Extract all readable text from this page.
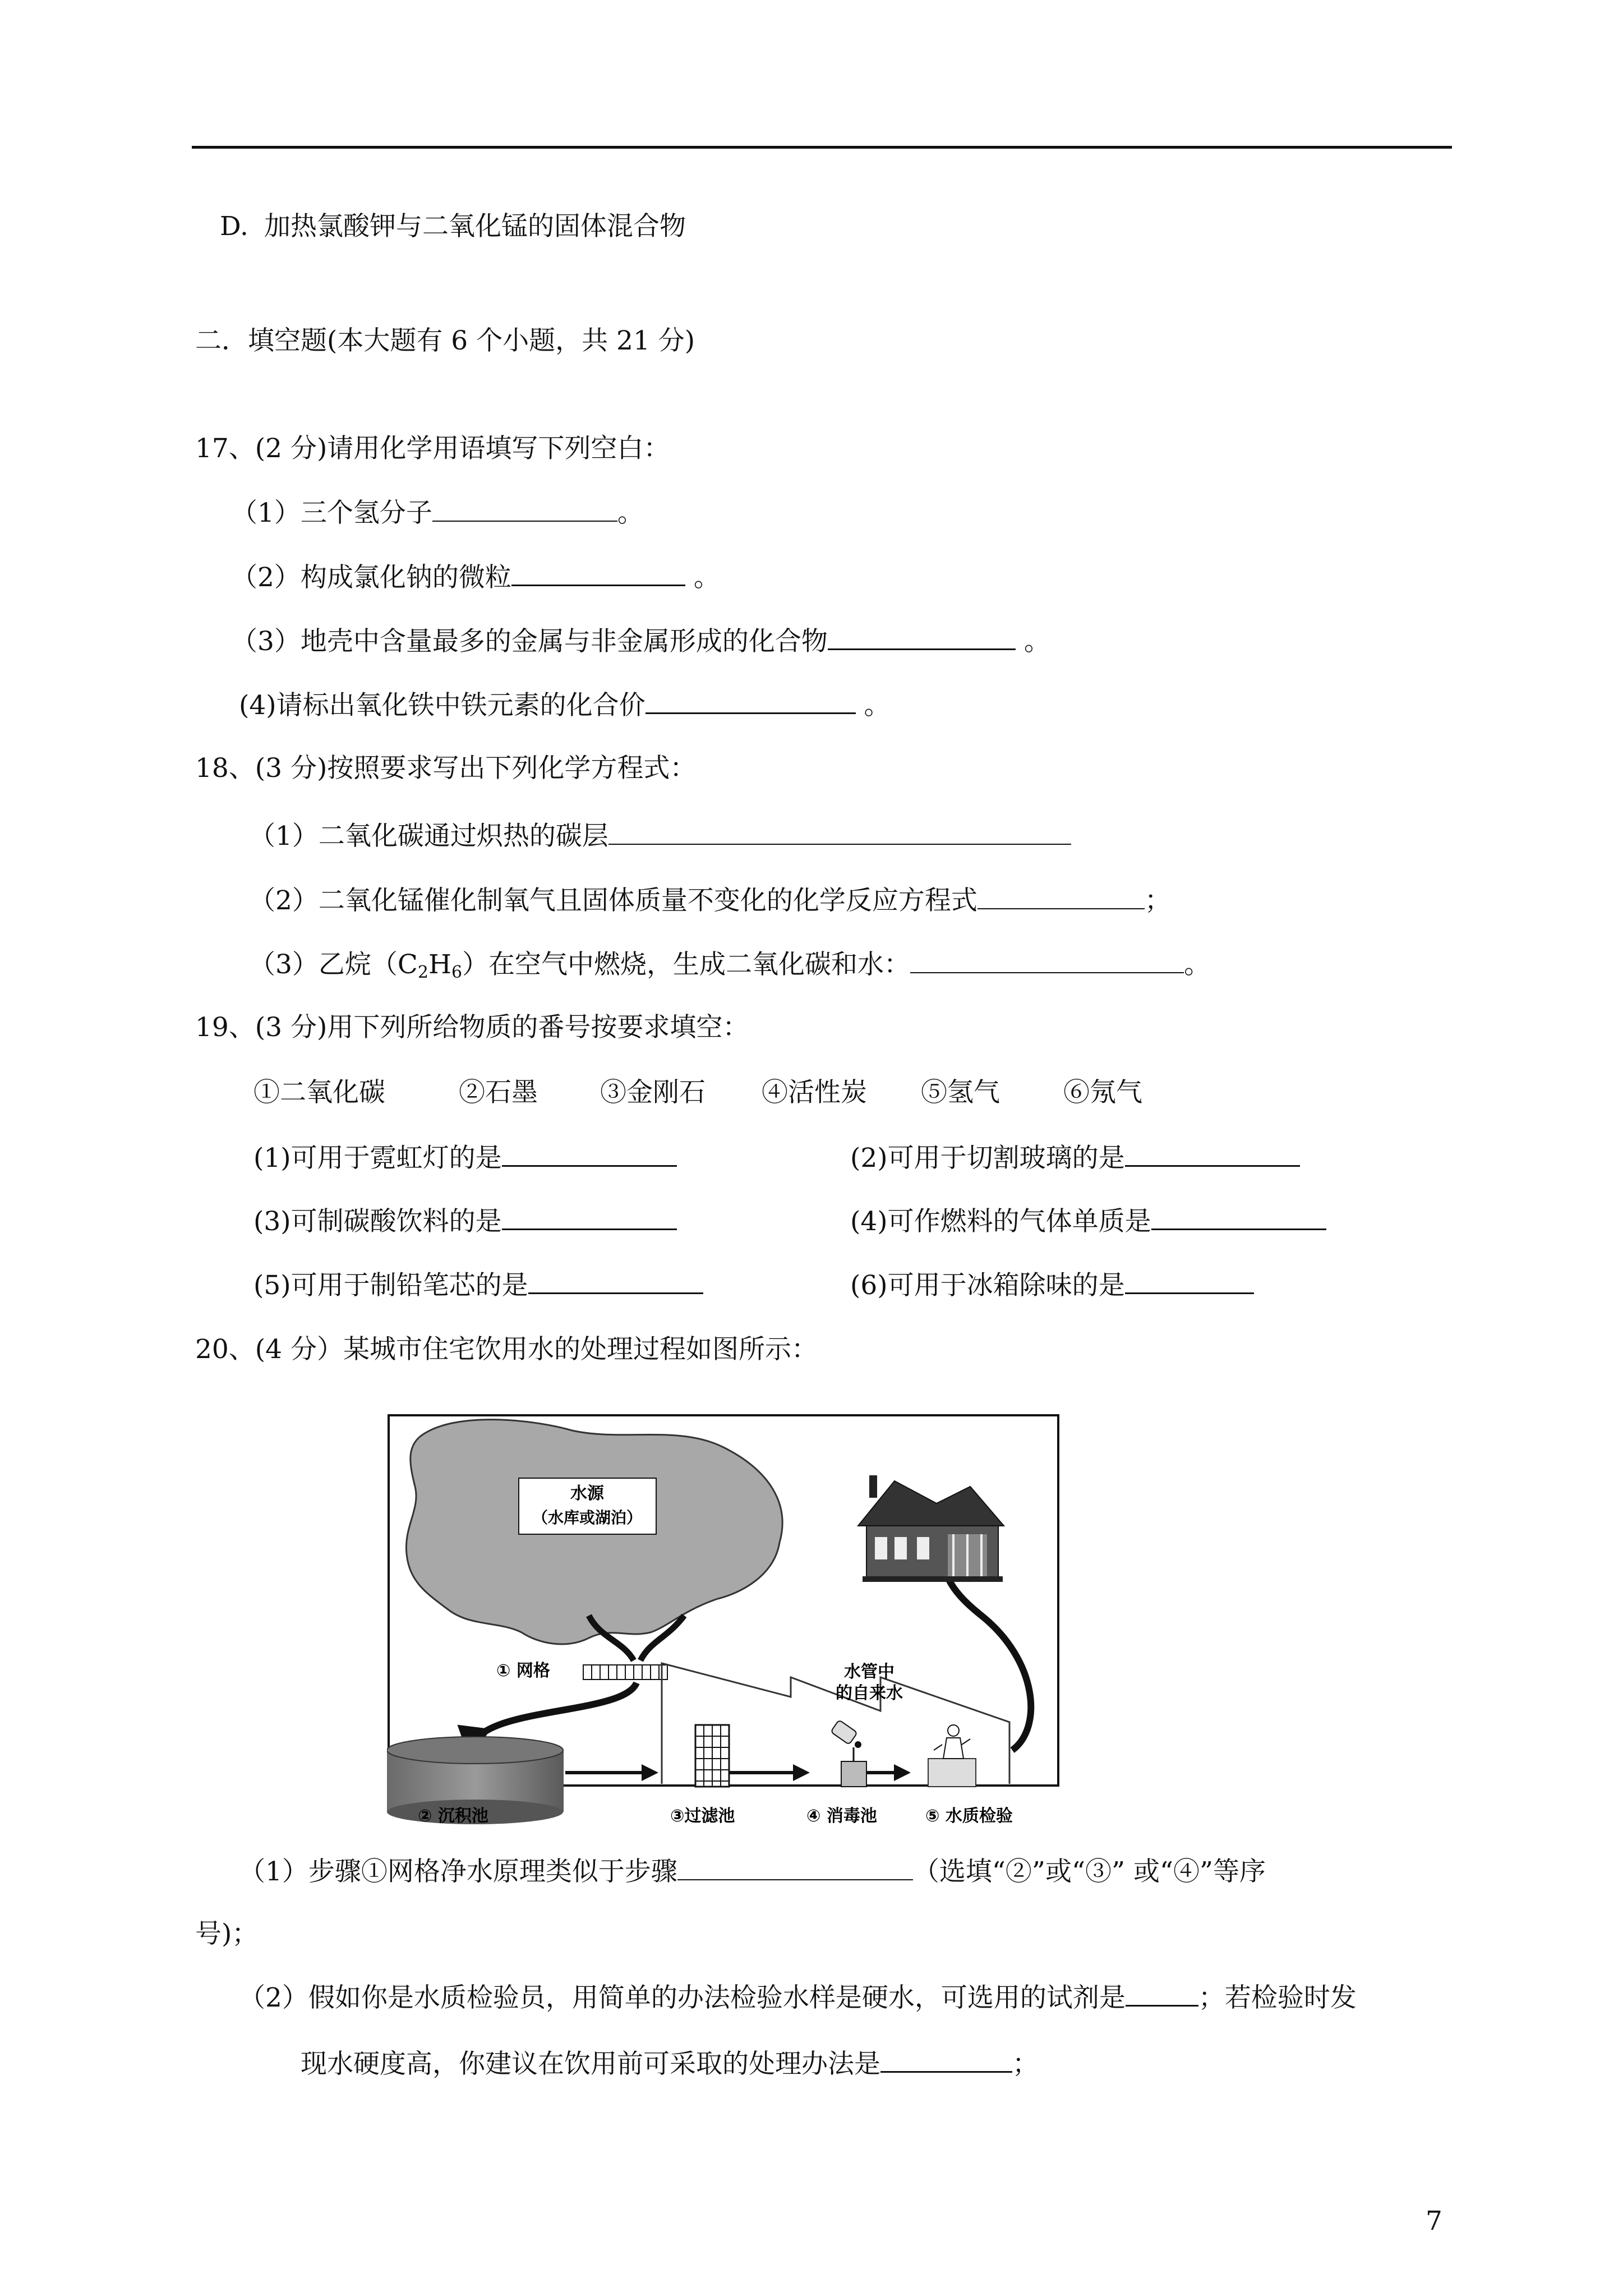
D. 加热氯酸钾与二氧化锰的固体混合物
二．填空题(本大题有 6 个小题，共 21 分)
17、(2 分)请用化学用语填写下列空白：
（1）三个氢分子	。
（2）构成氯化钠的微粒	。
（3）地壳中含量最多的金属与非金属形成的化合物	。
(4)请标出氧化铁中铁元素的化合价	。
18、(3 分)按照要求写出下列化学方程式：
（1）二氧化碳通过炽热的碳层
（2）二氧化锰催化制氧气且固体质量不变化的化学反应方程式	；
（3）乙烷$(C_2H_6)$在空气中燃烧，生成二氧化碳和水：	。
19、(3 分)用下列所给物质的番号按要求填空：
①二氧化碳	②石墨 ③金刚石 ④活性炭 ⑤氢气 ⑥氖气
(1)可用于霓虹灯的是	(2)可用于切割玻璃的是
(3)可制碳酸饮料的是	(4)可作燃料的气体单质是
(5)可用于制铅笔芯的是	(6)可用于冰箱除味的是
20、(4 分）某城市住宅饮用水的处理过程如图所示：
水源
（水库或湖泊）
① 网格	水管中
的自来水
② 沉积池	③过滤池	④ 消毒池	⑤ 水质检验
（1）步骤①网格净水原理类似于步骤	（选填“②”或“③” 或“④”等序
号)；
（2）假如你是水质检验员，用简单的办法检验水样是硬水，可选用的试剂是	；若检验时发
现水硬度高，你建议在饮用前可采取的处理办法是	；
7
